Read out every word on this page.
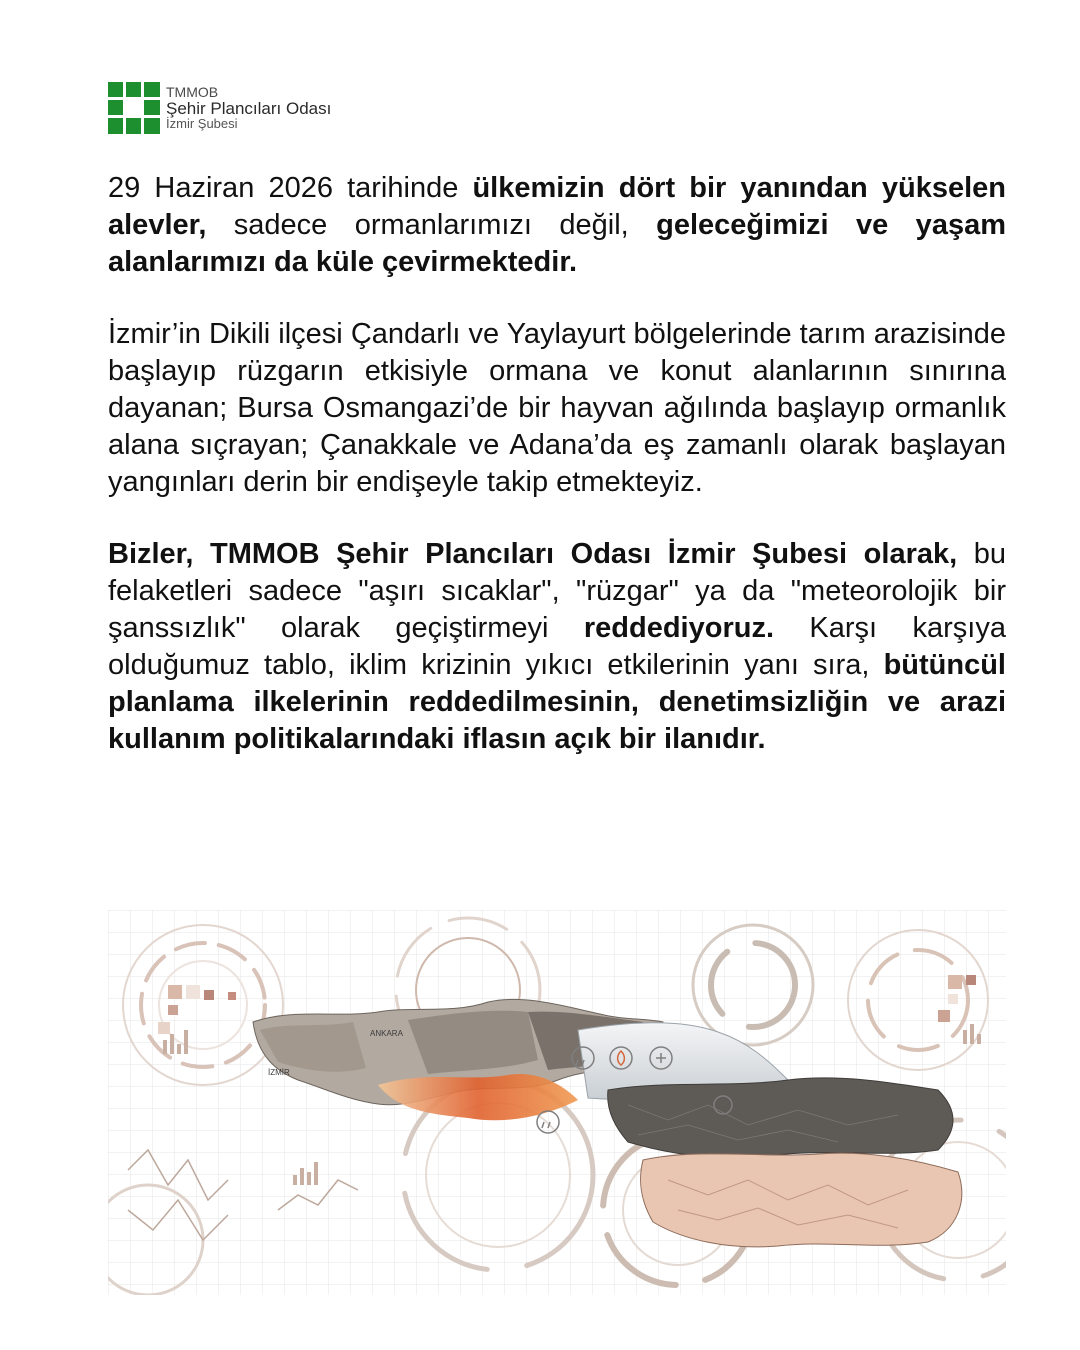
TMMOB
Şehir Plancıları Odası
İzmir Şubesi

29 Haziran 2026 tarihinde ülkemizin dört bir yanından yükselen alevler, sadece ormanlarımızı değil, geleceğimizi ve yaşam alanlarımızı da küle çevirmektedir.

İzmir’in Dikili ilçesi Çandarlı ve Yaylayurt bölgelerinde tarım arazisinde başlayıp rüzgarın etkisiyle ormana ve konut alanlarının sınırına dayanan; Bursa Osmangazi’de bir hayvan ağılında başlayıp ormanlık alana sıçrayan; Çanakkale ve Adana’da eş zamanlı olarak başlayan yangınları derin bir endişeyle takip etmekteyiz.

Bizler, TMMOB Şehir Plancıları Odası İzmir Şubesi olarak, bu felaketleri sadece "aşırı sıcaklar", "rüzgar" ya da "meteorolojik bir şanssızlık" olarak geçiştirmeyi reddediyoruz. Karşı karşıya olduğumuz tablo, iklim krizinin yıkıcı etkilerinin yanı sıra, bütüncül planlama ilkelerinin reddedilmesinin, denetimsizliğin ve arazi kullanım politikalarındaki iflasın açık bir ilanıdır.

İZMİR
ANKARA
